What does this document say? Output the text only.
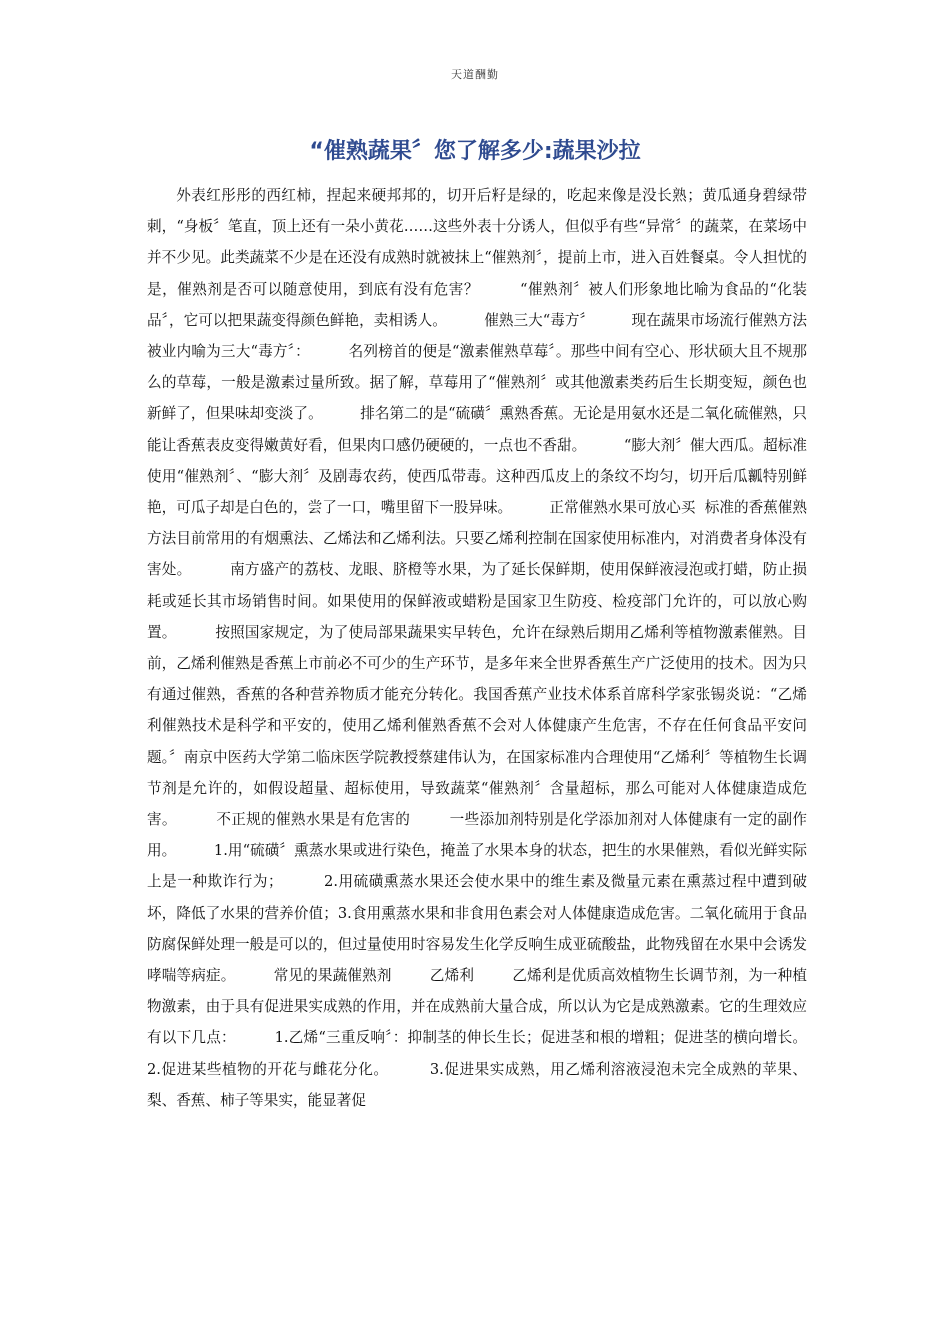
天道酬勤
“催熟蔬果〞您了解多少:蔬果沙拉

外表红彤彤的西红柿，捏起来硬邦邦的，切开后籽是绿的，吃起来像是没长熟；黄瓜通身碧绿带刺，“身板〞笔直，顶上还有一朵小黄花……这些外表十分诱人，但似乎有些“异常〞的蔬菜，在菜场中并不少见。此类蔬菜不少是在还没有成熟时就被抹上“催熟剂〞，提前上市，进入百姓餐桌。令人担忧的是，催熟剂是否可以随意使用，到底有没有危害？        “催熟剂〞被人们形象地比喻为食品的“化装品〞，它可以把果蔬变得颜色鲜艳，卖相诱人。        催熟三大“毒方〞        现在蔬果市场流行催熟方法被业内喻为三大“毒方〞：        名列榜首的便是“激素催熟草莓〞。那些中间有空心、形状硕大且不规那么的草莓，一般是激素过量所致。据了解，草莓用了“催熟剂〞或其他激素类药后生长期变短，颜色也新鲜了，但果味却变淡了。        排名第二的是“硫磺〞熏熟香蕉。无论是用氨水还是二氧化硫催熟，只能让香蕉表皮变得嫩黄好看，但果肉口感仍硬硬的，一点也不香甜。        “膨大剂〞催大西瓜。超标准使用“催熟剂〞、“膨大剂〞及剧毒农药，使西瓜带毒。这种西瓜皮上的条纹不均匀，切开后瓜瓤特别鲜艳，可瓜子却是白色的，尝了一口，嘴里留下一股异味。        正常催熟水果可放心买  标准的香蕉催熟方法目前常用的有烟熏法、乙烯法和乙烯利法。只要乙烯利控制在国家使用标准内，对消费者身体没有害处。        南方盛产的荔枝、龙眼、脐橙等水果，为了延长保鲜期，使用保鲜液浸泡或打蜡，防止损耗或延长其市场销售时间。如果使用的保鲜液或蜡粉是国家卫生防疫、检疫部门允许的，可以放心购置。        按照国家规定，为了使局部果蔬果实早转色，允许在绿熟后期用乙烯利等植物激素催熟。目前，乙烯利催熟是香蕉上市前必不可少的生产环节，是多年来全世界香蕉生产广泛使用的技术。因为只有通过催熟，香蕉的各种营养物质才能充分转化。我国香蕉产业技术体系首席科学家张锡炎说：“乙烯利催熟技术是科学和平安的，使用乙烯利催熟香蕉不会对人体健康产生危害，不存在任何食品平安问题。〞南京中医药大学第二临床医学院教授蔡建伟认为，在国家标准内合理使用“乙烯利〞等植物生长调节剂是允许的，如假设超量、超标使用，导致蔬菜“催熟剂〞含量超标，那么可能对人体健康造成危害。        不正规的催熟水果是有危害的        一些添加剂特别是化学添加剂对人体健康有一定的副作用。        1.用“硫磺〞熏蒸水果或进行染色，掩盖了水果本身的状态，把生的水果催熟，看似光鲜实际上是一种欺诈行为；        2.用硫磺熏蒸水果还会使水果中的维生素及微量元素在熏蒸过程中遭到破坏，降低了水果的营养价值；3.食用熏蒸水果和非食用色素会对人体健康造成危害。二氧化硫用于食品防腐保鲜处理一般是可以的，但过量使用时容易发生化学反响生成亚硫酸盐，此物残留在水果中会诱发哮喘等病症。        常见的果蔬催熟剂        乙烯利        乙烯利是优质高效植物生长调节剂，为一种植物激素，由于具有促进果实成熟的作用，并在成熟前大量合成，所以认为它是成熟激素。它的生理效应有以下几点：        1.乙烯“三重反响〞：抑制茎的伸长生长；促进茎和根的增粗；促进茎的横向增长。        2.促进某些植物的开花与雌花分化。        3.促进果实成熟，用乙烯利溶液浸泡未完全成熟的苹果、梨、香蕉、柿子等果实，能显著促
